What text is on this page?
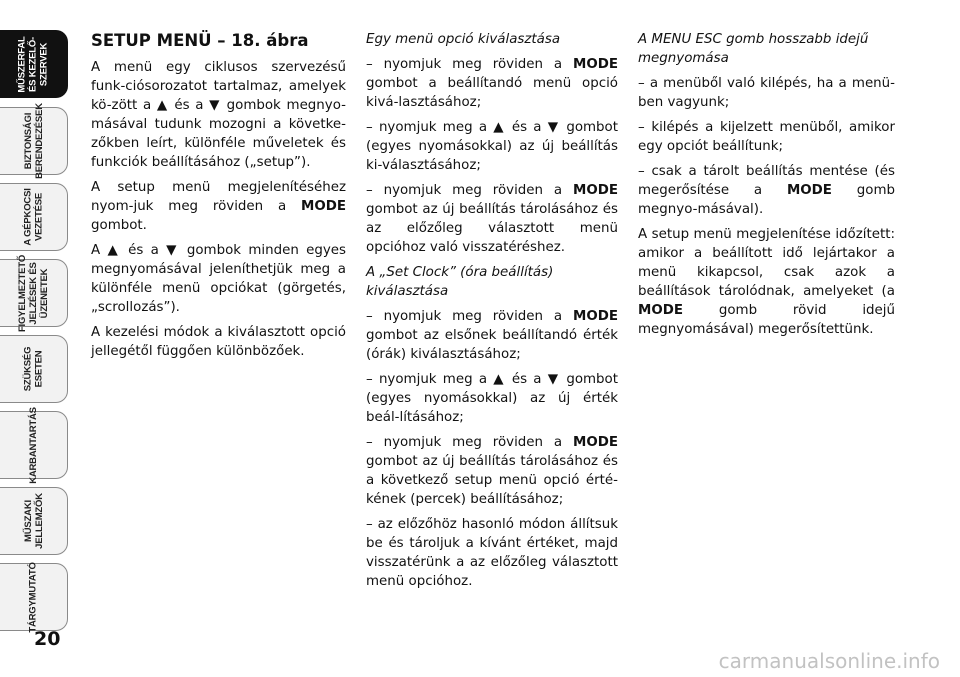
MŰSZERFAL
ÉS KEZELŐ-
SZERVEK
BIZTONSÁGI
BERENDEZÉSEK
A GÉPKOCSI
VEZETÉSE
FIGYELMEZTETŐ
JELZÉSEK ÉS
ÜZENETEK
SZÜKSÉG
ESETEN
KARBANTARTÁS
MŰSZAKI
JELLEMZŐK
TÁRGYMUTATÓ
20
carmanualsonline.info
SETUP MENÜ – 18. ábra

A menü egy ciklusos szervezésű funk-ciósorozatot tartalmaz, amelyek kö-zött a ▲ és a ▼ gombok megnyo-másával tudunk mozogni a követke-zőkben leírt, különféle műveletek és funkciók beállításához („setup”).

A setup menü megjelenítéséhez nyom-juk meg röviden a MODE gombot.

A ▲ és a ▼ gombok minden egyes megnyomásával jeleníthetjük meg a különféle menü opciókat (görgetés, „scrollozás”).

A kezelési módok a kiválasztott opció jellegétől függően különbözőek.

Egy menü opció kiválasztása

– nyomjuk meg röviden a MODE gombot a beállítandó menü opció kivá-lasztásához;

– nyomjuk meg a ▲ és a ▼ gombot (egyes nyomásokkal) az új beállítás ki-választásához;

– nyomjuk meg röviden a MODE gombot az új beállítás tárolásához és az előzőleg választott menü opcióhoz való visszatéréshez.

A „Set Clock” (óra beállítás) kiválasztása

– nyomjuk meg röviden a MODE gombot az elsőnek beállítandó érték (órák) kiválasztásához;

– nyomjuk meg a ▲ és a ▼ gombot (egyes nyomásokkal) az új érték beál-lításához;

– nyomjuk meg röviden a MODE gombot az új beállítás tárolásához és a következő setup menü opció érté-kének (percek) beállításához;

– az előzőhöz hasonló módon állítsuk be és tároljuk a kívánt értéket, majd visszatérünk a az előzőleg választott menü opcióhoz.

A MENU ESC gomb hosszabb idejű megnyomása

– a menüből való kilépés, ha a menü-ben vagyunk;

– kilépés a kijelzett menüből, amikor egy opciót beállítunk;

– csak a tárolt beállítás mentése (és megerősítése a MODE gomb megnyo-másával).

A setup menü megjelenítése időzített: amikor a beállított idő lejártakor a menü kikapcsol, csak azok a beállítások tárolódnak, amelyeket (a MODE gomb rövid idejű megnyomásával) megerősítettünk.
